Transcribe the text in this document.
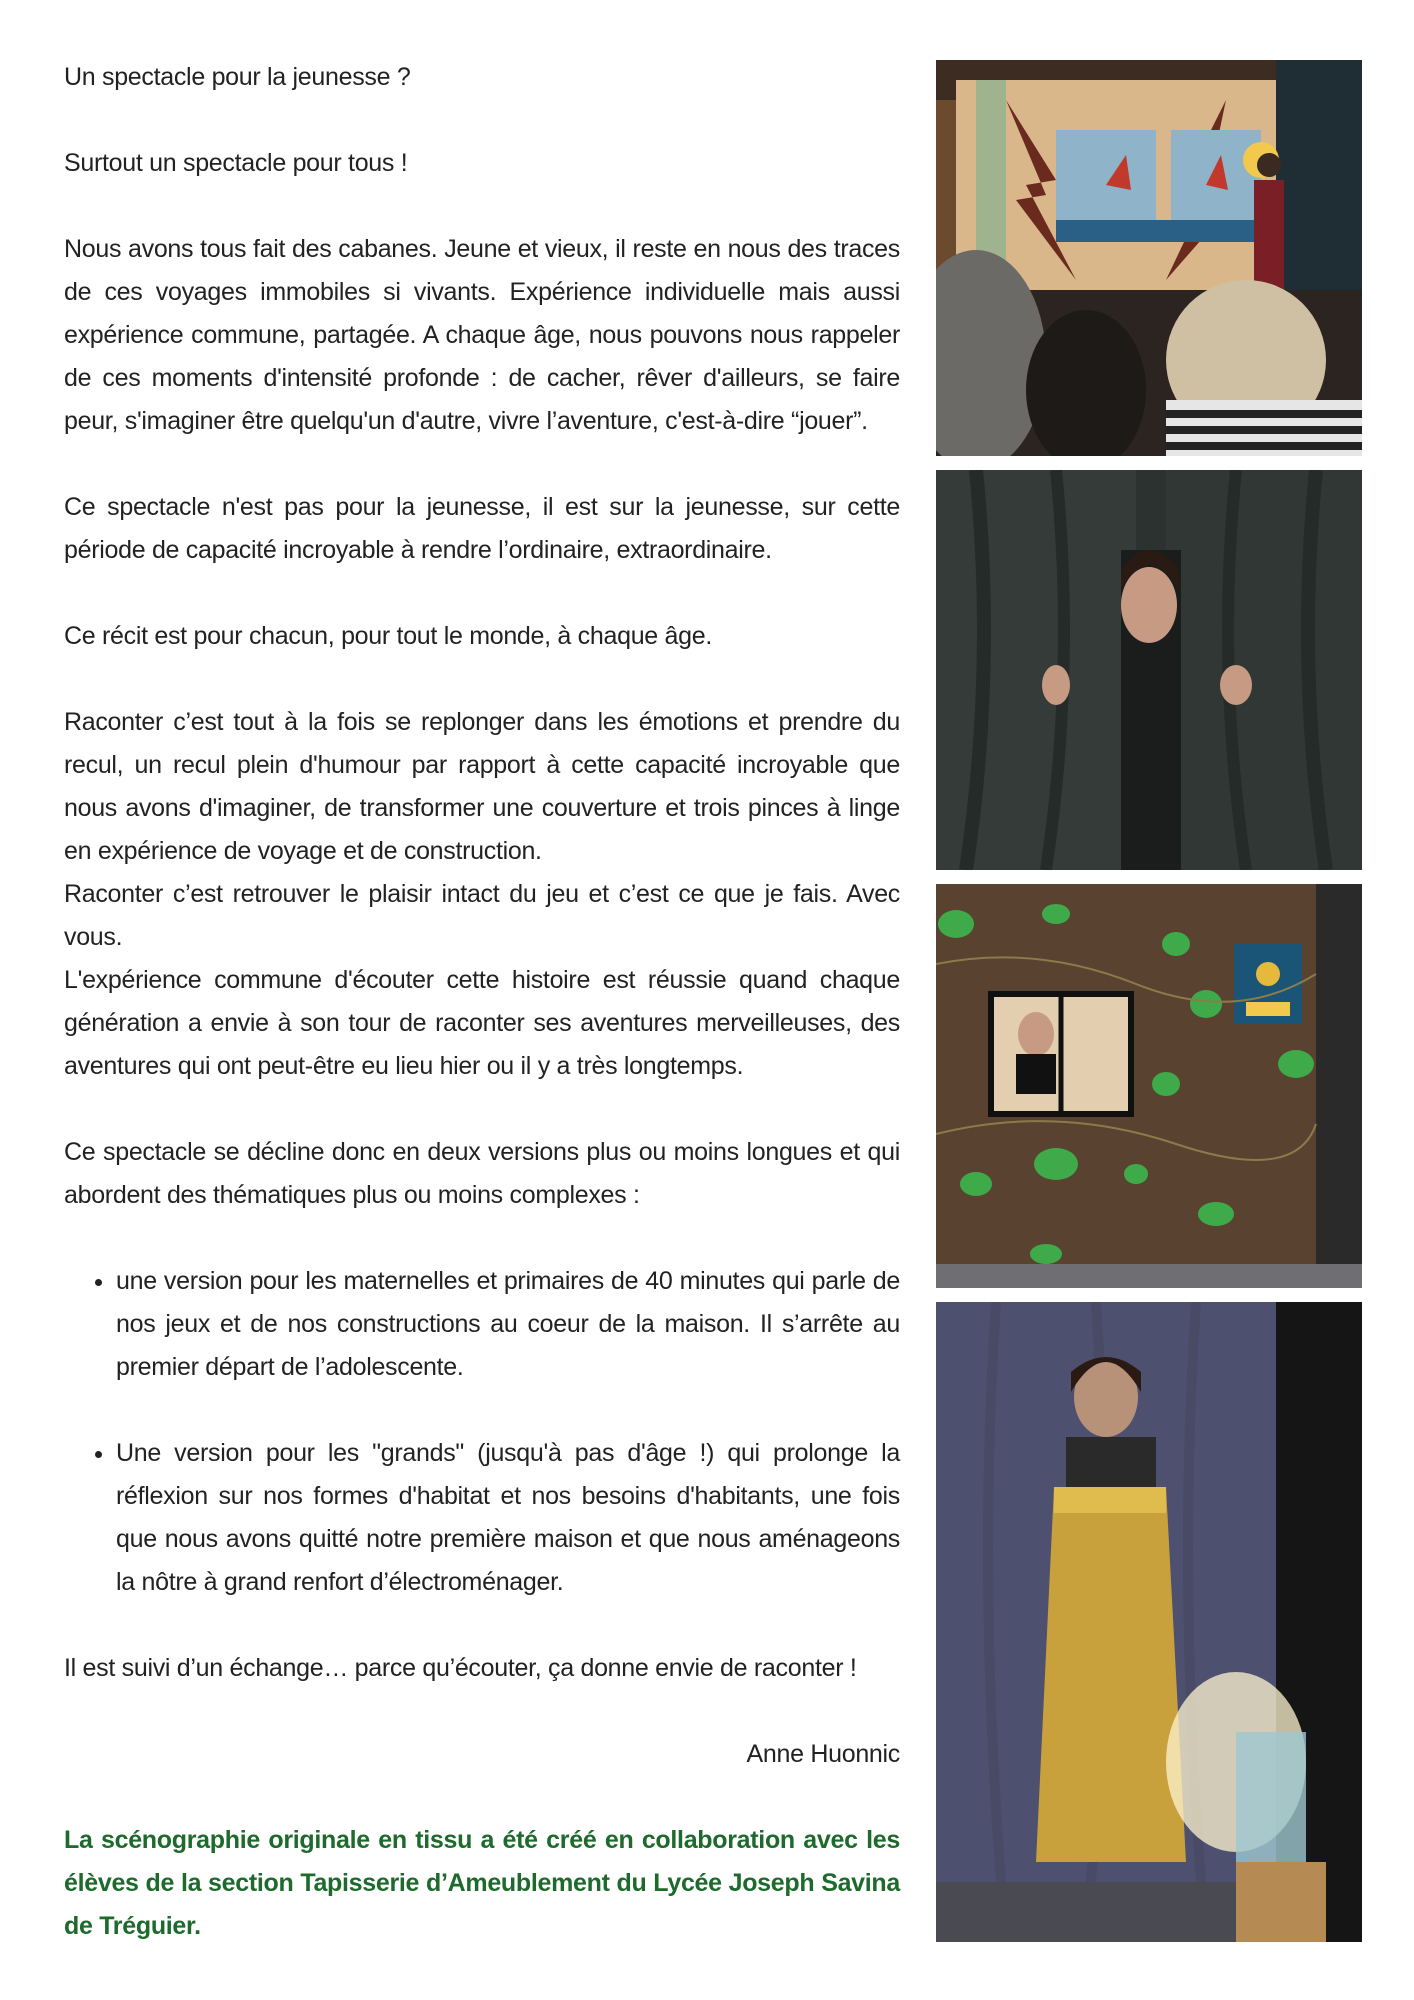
Un spectacle pour la jeunesse ?

Surtout un spectacle pour tous !

Nous avons tous fait des cabanes. Jeune et vieux, il reste en nous des traces de ces voyages immobiles si vivants. Expérience individuelle mais aussi expérience commune, partagée. A chaque âge, nous pouvons nous rappeler de ces moments d'intensité profonde : de cacher, rêver d'ailleurs, se faire peur, s'imaginer être quelqu'un d'autre, vivre l’aventure, c'est-à-dire “jouer”.

Ce spectacle n'est pas pour la jeunesse, il est sur la jeunesse, sur cette période de capacité incroyable à rendre l’ordinaire, extraordinaire.

Ce récit est pour chacun, pour tout le monde, à chaque âge.

Raconter c’est tout à la fois se replonger dans les émotions et prendre du recul, un recul plein d'humour par rapport à cette capacité incroyable que nous avons d'imaginer, de transformer une couverture et trois pinces à linge en expérience de voyage et de construction.

Raconter c’est retrouver le plaisir intact du jeu et c’est ce que je fais. Avec vous.

L'expérience commune d'écouter cette histoire est réussie quand chaque génération a envie à son tour de raconter ses aventures merveilleuses, des aventures qui ont peut-être eu lieu hier ou il y a très longtemps.

Ce spectacle se décline donc en deux versions plus ou moins longues et qui abordent des thématiques plus ou moins complexes :

• une version pour les maternelles et primaires de 40 minutes qui parle de nos jeux et de nos constructions au coeur de la maison. Il s’arrête au premier départ de l’adolescente.
• Une version pour les "grands" (jusqu'à pas d'âge !) qui prolonge la réflexion sur nos formes d'habitat et nos besoins d'habitants, une fois que nous avons quitté notre première maison et que nous aménageons la nôtre à grand renfort d’électroménager.

Il est suivi d’un échange… parce qu’écouter, ça donne envie de raconter !

Anne Huonnic

La scénographie originale en tissu a été créé en collaboration avec les élèves de la section Tapisserie d’Ameublement du Lycée Joseph Savina de Tréguier.
